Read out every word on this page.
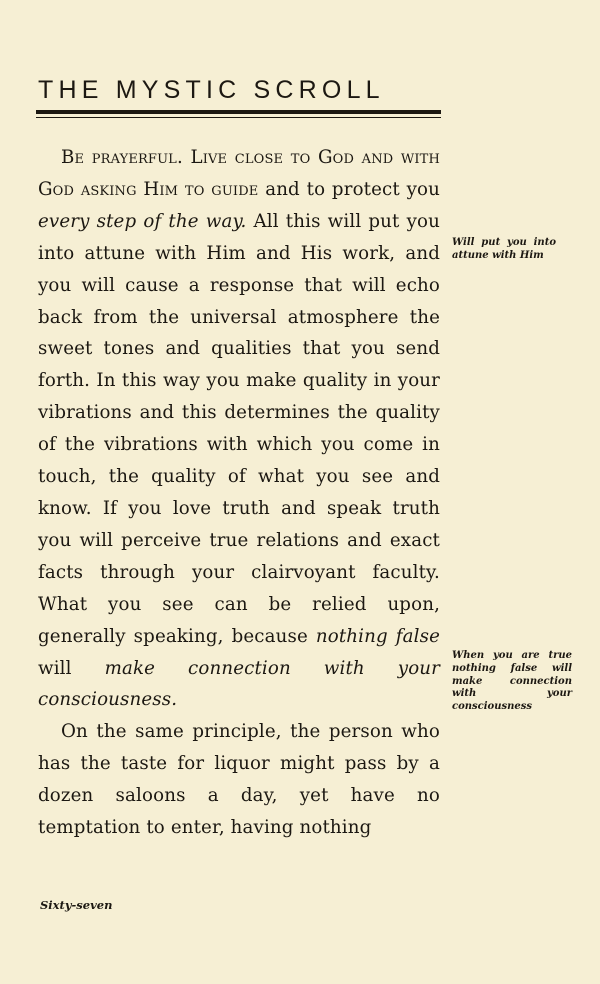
THE MYSTIC SCROLL

Be prayerful. Live close to God and with God asking Him to guide and to protect you every step of the way. All this will put you into attune with Him and His work, and you will cause a response that will echo back from the universal atmosphere the sweet tones and qualities that you send forth. In this way you make quality in your vibrations and this determines the quality of the vibrations with which you come in touch, the quality of what you see and know. If you love truth and speak truth you will perceive true relations and exact facts through your clairvoyant faculty. What you see can be relied upon, generally speaking, because nothing false will make connection with your consciousness.

On the same principle, the person who has the taste for liquor might pass by a dozen saloons a day, yet have no temptation to enter, having nothing

Will put you into attune with Him
When you are true nothing false will make connection with your consciousness
Sixty-seven
